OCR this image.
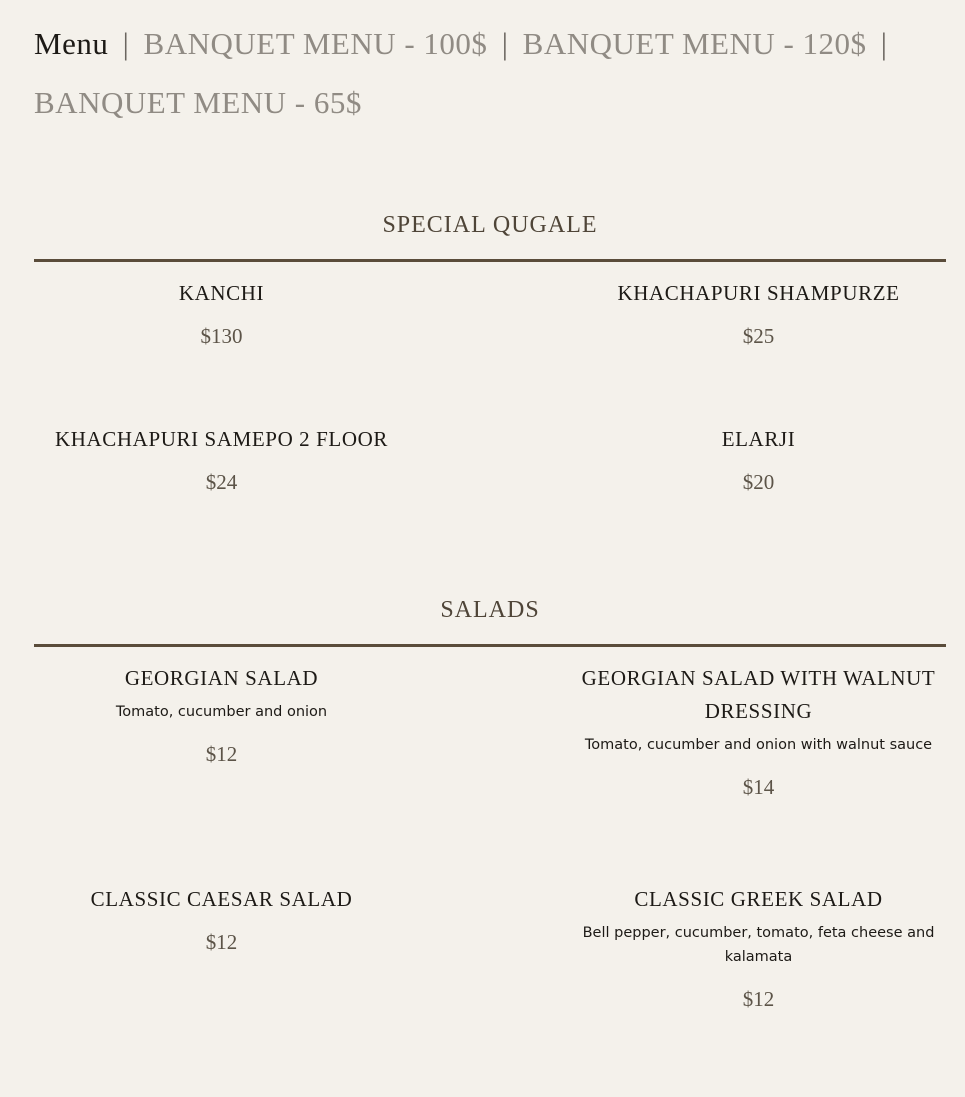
Menu | BANQUET MENU - 100$ | BANQUET MENU - 120$ |
BANQUET MENU - 65$
SPECIAL QUGALE
KANCHI
$130
KHACHAPURI SHAMPURZE
$25
KHACHAPURI SAMEPO 2 FLOOR
$24
ELARJI
$20
SALADS
GEORGIAN SALAD
Tomato, cucumber and onion
$12
GEORGIAN SALAD WITH WALNUT DRESSING
Tomato, cucumber and onion with walnut sauce
$14
CLASSIC CAESAR SALAD
$12
CLASSIC GREEK SALAD
Bell pepper, cucumber, tomato, feta cheese and kalamata
$12
